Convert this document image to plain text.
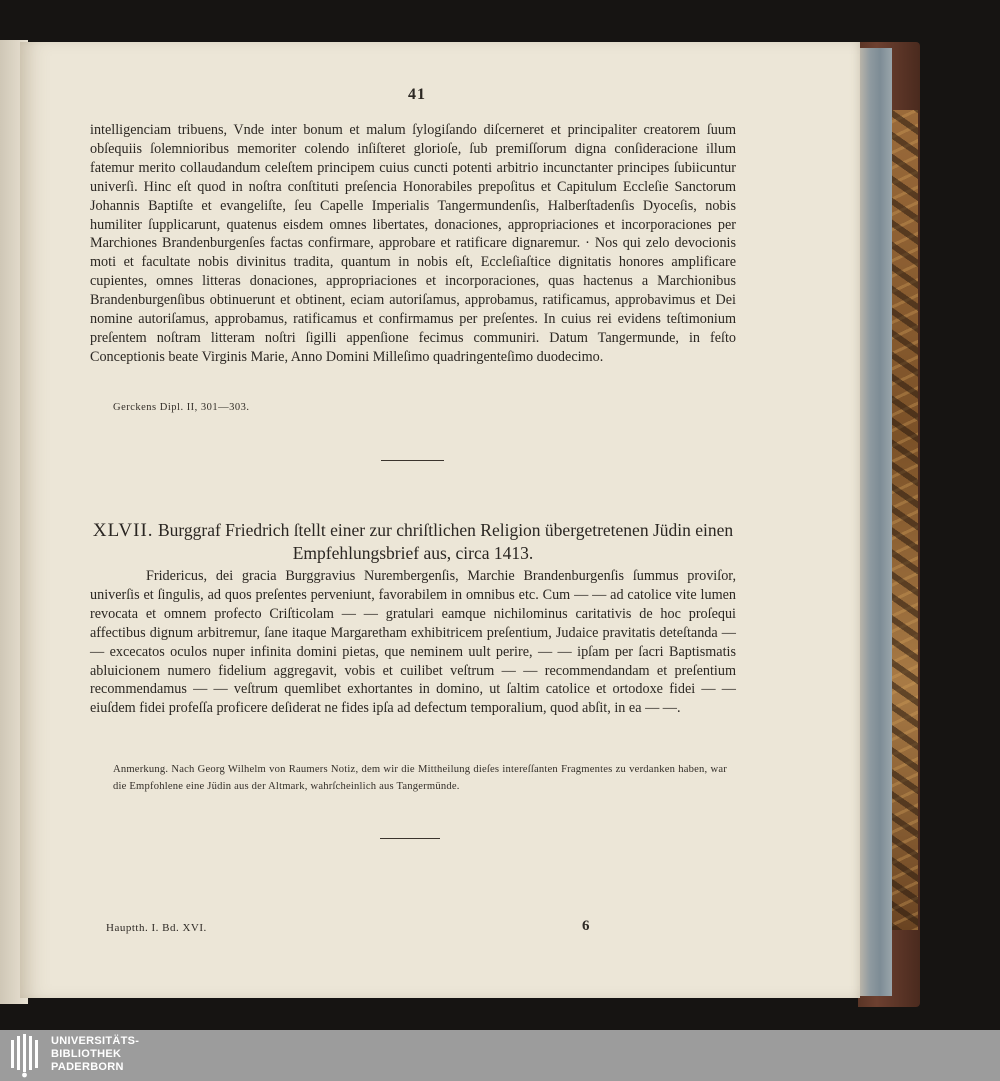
41
intelligenciam tribuens, Vnde inter bonum et malum ſylogiſando diſcerneret et principaliter creatorem ſuum obſequiis ſolemnioribus memoriter colendo inſiſteret glorioſe, ſub premiſſorum digna conſideracione illum fatemur merito collaudandum celeſtem principem cuius cuncti potenti arbitrio incunctanter principes ſubiicuntur univerſi. Hinc eſt quod in noſtra conſtituti preſencia Honorabiles prepoſitus et Capitulum Eccleſie Sanctorum Johannis Baptiſte et evangeliſte, ſeu Capelle Imperialis Tangermundenſis, Halberſtadenſis Dyoceſis, nobis humiliter ſupplicarunt, quatenus eisdem omnes libertates, donaciones, appropriaciones et incorporaciones per Marchiones Brandenburgenſes factas confirmare, approbare et ratificare dignaremur. · Nos qui zelo devocionis moti et facultate nobis divinitus tradita, quantum in nobis eſt, Eccleſiaſtice dignitatis honores amplificare cupientes, omnes litteras donaciones, appropriaciones et incorporaciones, quas hactenus a Marchionibus Brandenburgenſibus obtinuerunt et obtinent, eciam autoriſamus, approbamus, ratificamus, approbavimus et Dei nomine autoriſamus, approbamus, ratificamus et confirmamus per preſentes. In cuius rei evidens teſtimonium preſentem noſtram litteram noſtri ſigilli appenſione fecimus communiri. Datum Tangermunde, in feſto Conceptionis beate Virginis Marie, Anno Domini Milleſimo quadringenteſimo duodecimo.
Gerckens Dipl. II, 301—303.
XLVII. Burggraf Friedrich ſtellt einer zur chriſtlichen Religion übergetretenen Jüdin einen Empfehlungsbrief aus, circa 1413.
Fridericus, dei gracia Burggravius Nurembergenſis, Marchie Brandenburgenſis ſummus proviſor, univerſis et ſingulis, ad quos preſentes perveniunt, favorabilem in omnibus etc. Cum — — ad catolice vite lumen revocata et omnem profecto Criſticolam — — gratulari eamque nichilominus caritativis de hoc proſequi affectibus dignum arbitremur, ſane itaque Margaretham exhibitricem preſentium, Judaice pravitatis deteſtanda — — excecatos oculos nuper infinita domini pietas, que neminem uult perire, — — ipſam per ſacri Baptismatis abluicionem numero fidelium aggregavit, vobis et cuilibet veſtrum — — recommendandam et preſentium recommendamus — — veſtrum quemlibet exhortantes in domino, ut ſaltim catolice et ortodoxe fidei — — eiuſdem fidei profeſſa proficere deſiderat ne fides ipſa ad defectum temporalium, quod abſit, in ea — —.
Anmerkung. Nach Georg Wilhelm von Raumers Notiz, dem wir die Mittheilung dieſes intereſſanten Fragmentes zu verdanken haben, war die Empfohlene eine Jüdin aus der Altmark, wahrſcheinlich aus Tangermünde.
Hauptth. I. Bd. XVI.	6
UNIVERSITÄTS-
BIBLIOTHEK
PADERBORN
